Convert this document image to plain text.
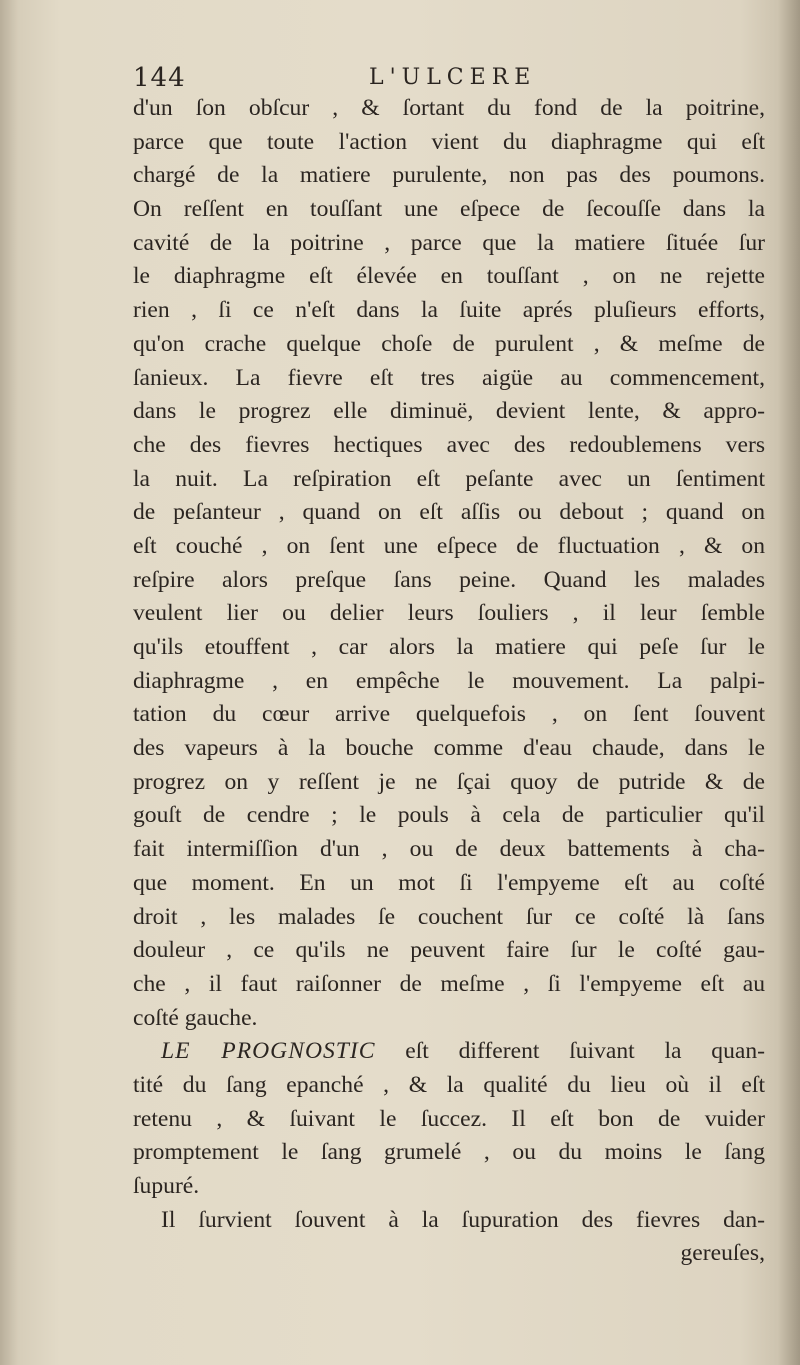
144	L'ULCERE
d'un ſon obſcur , & ſortant du fond de la poitrine,
parce que toute l'action vient du diaphragme qui eſt
chargé de la matiere purulente, non pas des poumons.
On reſſent en touſſant une eſpece de ſecouſſe dans la
cavité de la poitrine , parce que la matiere ſituée ſur
le diaphragme eſt élevée en touſſant , on ne rejette
rien , ſi ce n'eſt dans la ſuite aprés pluſieurs efforts,
qu'on crache quelque choſe de purulent , & meſme de
ſanieux. La fievre eſt tres aigüe au commencement,
dans le progrez elle diminuë, devient lente, & appro-
che des fievres hectiques avec des redoublemens vers
la nuit. La reſpiration eſt peſante avec un ſentiment
de peſanteur , quand on eſt aſſis ou debout ; quand on
eſt couché , on ſent une eſpece de fluctuation , & on
reſpire alors preſque ſans peine. Quand les malades
veulent lier ou delier leurs ſouliers , il leur ſemble
qu'ils etouffent , car alors la matiere qui peſe ſur le
diaphragme , en empêche le mouvement. La palpi-
tation du cœur arrive quelquefois , on ſent ſouvent
des vapeurs à la bouche comme d'eau chaude, dans le
progrez on y reſſent je ne ſçai quoy de putride & de
gouſt de cendre ; le pouls à cela de particulier qu'il
fait intermiſſion d'un , ou de deux battements à cha-
que moment. En un mot ſi l'empyeme eſt au coſté
droit , les malades ſe couchent ſur ce coſté là ſans
douleur , ce qu'ils ne peuvent faire ſur le coſté gau-
che , il faut raiſonner de meſme , ſi l'empyeme eſt au
coſté gauche.
LE PROGNOSTIC eſt different ſuivant la quan-
tité du ſang epanché , & la qualité du lieu où il eſt
retenu , & ſuivant le ſuccez. Il eſt bon de vuider
promptement le ſang grumelé , ou du moins le ſang
ſupuré.
Il ſurvient ſouvent à la ſupuration des fievres dan-
gereuſes,
